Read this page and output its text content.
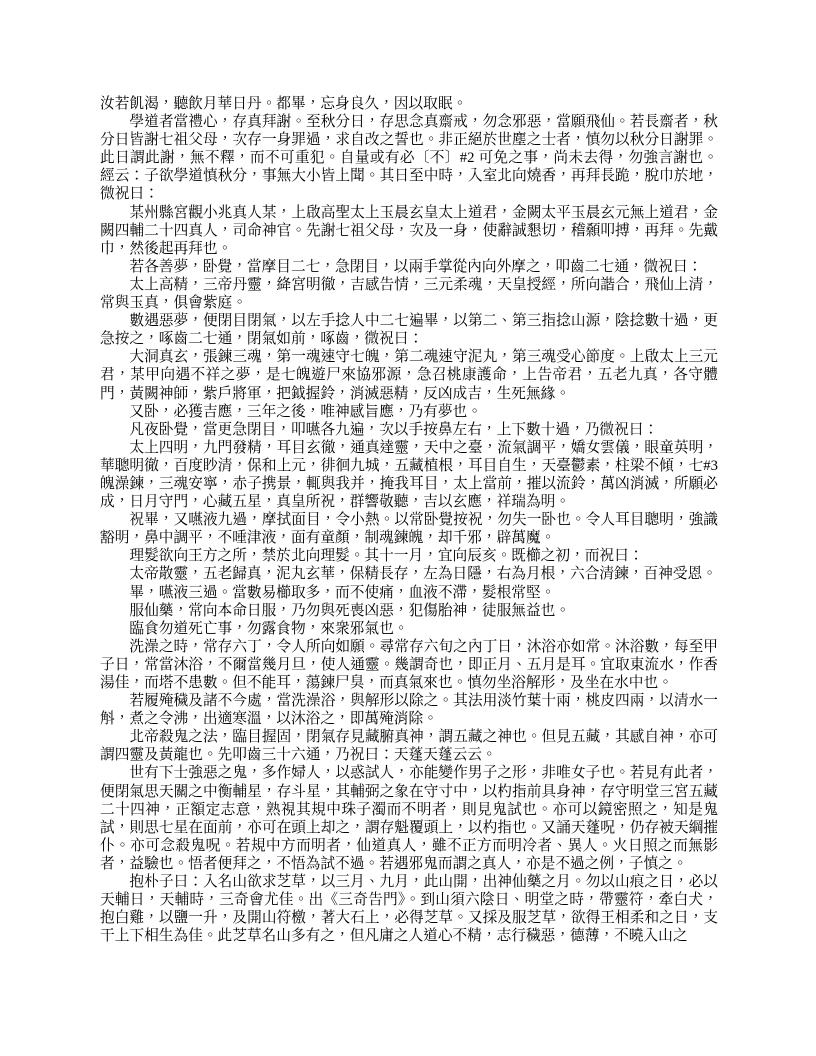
汝若飢渴，聽飲月華日丹。都畢，忘身良久，因以取眠。

學道者當禮心，存真拜謝。至秋分日，存思念真齋戒，勿念邪惡，當願飛仙。若長齋者，秋分日皆謝七祖父母，次存一身罪過，求自改之誓也。非正絕於世塵之士者，慎勿以秋分日謝罪。此日謂此謝，無不釋，而不可重犯。自量或有必〔不〕#2 可免之事，尚未去得，勿強言謝也。經云：子欲學道慎秋分，事無大小皆上聞。其日至中時，入室北向燒香，再拜長跪，脫巾於地，微祝曰：

某州縣宮觀小兆真人某，上啟高聖太上玉晨玄皇太上道君，金闕太平玉晨玄元無上道君，金闕四輔二十四真人，司命神官。先謝七祖父母，次及一身，使辭誠懇切，稽顙叩搏，再拜。先戴巾，然後起再拜也。

若各善夢，卧覺，當摩目二七，急閉目，以兩手掌從內向外摩之，叩齒二七通，微祝曰：

太上高精，三帝丹靈，絳宮明徹，吉感告情，三元柔魂，天皇授經，所向諧合，飛仙上清，常與玉真，俱會紫庭。

數遇惡夢，便閉目閉氣，以左手捻人中二七遍畢，以第二、第三指捻山源，陰捻數十過，更急按之，啄齒二七通，閉氣如前，啄齒，微祝曰：

大洞真玄，張鍊三魂，第一魂速守七魄，第二魂速守泥丸，第三魂受心節度。上啟太上三元君，某甲向遇不祥之夢，是七魄遊尸來協邪源，急召桃康護命，上告帝君，五老九真，各守體門，黃闕神師，紫戶將軍，把鉞握鈴，消滅惡精，反凶成吉，生死無緣。

又卧，必獲吉應，三年之後，唯神感旨應，乃有夢也。

凡夜卧覺，當更急閉目，叩嚥各九遍，次以手按鼻左右，上下數十過，乃微祝曰：

太上四明，九門發精，耳目玄徹，通真達靈，天中之臺，流氣調平，嬌女雲儀，眼童英明，華聰明徹，百度眇清，保和上元，徘徊九城，五藏植根，耳目自生，天臺鬱素，柱梁不傾，七#3 魄澡鍊，三魂安寧，赤子携景，輒與我并，掩我耳目，太上當前，摧以流鈴，萬凶消滅，所願必成，日月守門，心藏五星，真皇所祝，群響敬聽，吉以玄應，祥瑞為明。

祝畢，又嚥液九過，摩拭面目，令小熱。以常卧覺按祝，勿失一卧也。令人耳目聰明，強識豁明，鼻中調平，不唾津液，面有童顏，制魂鍊魄，却千邪，辟萬魔。

理髮欲向王方之所，禁於北向理髮。其十一月，宜向辰亥。既櫛之初，而祝曰：

太帝散靈，五老歸真，泥丸玄華，保精長存，左為日隱，右為月根，六合清鍊，百神受恩。

畢，嚥液三過。當數易櫛取多，而不使痛，血液不滯，髮根常堅。

服仙藥，常向本命日服，乃勿與死喪凶惡，犯傷胎神，徒服無益也。

臨食勿道死亡事，勿露食物，來衆邪氣也。

洗澡之時，常存六丁，令人所向如願。尋常存六旬之內丁日，沐浴亦如常。沐浴數，每至甲子日，常當沐浴，不爾當幾月旦，使人通靈。幾謂奇也，即正月、五月是耳。宜取東流水，作香湯佳，而塔不患數。但不能耳，蕩鍊尸臭，而真氣來也。慎勿坐浴解形，及坐在水中也。

若履殗穢及諸不今處，當洗澡浴，與解形以除之。其法用淡竹葉十兩，桃皮四兩，以清水一斛，煮之令沸，出適寒溫，以沐浴之，即萬殗消除。

北帝殺鬼之法，臨目握固，閉氣存見藏腑真神，謂五藏之神也。但見五藏，其感自神，亦可謂四靈及黃龍也。先叩齒三十六通，乃祝曰：天蓬天蓬云云。

世有下士強惡之鬼，多作婦人，以惑試人，亦能變作男子之形，非唯女子也。若見有此者，便閉氣思天關之中衡輔星，存斗星，其輔弼之象在守寸中，以杓指前具身神，存守明堂三宮五藏二十四神，正額定志意，熟視其規中珠子濁而不明者，則見鬼試也。亦可以鏡密照之，知是鬼試，則思七星在面前，亦可在頭上却之，謂存魁覆頭上，以杓指也。又誦天蓬呪，仍存被天綱摧仆。亦可念殺鬼呪。若規中方而明者，仙道真人，雖不正方而明冷者、異人。火日照之而無影者，益驗也。悟者便拜之，不悟為試不過。若遇邪鬼而謂之真人，亦是不過之例，子慎之。

抱朴子曰：入名山欲求芝草，以三月、九月，此山開，出神仙藥之月。勿以山痕之日，必以天輔日，天輔時，三奇會尤佳。出《三奇告門》。到山須六陰日、明堂之時，帶靈符，牽白犬，抱白雞，以鹽一升，及開山符檄，著大石上，必得芝草。又採及服芝草，欲得王相柔和之日，支干上下相生為佳。此芝草名山多有之，但凡庸之人道心不精，志行穢惡，德薄，不曉入山之
